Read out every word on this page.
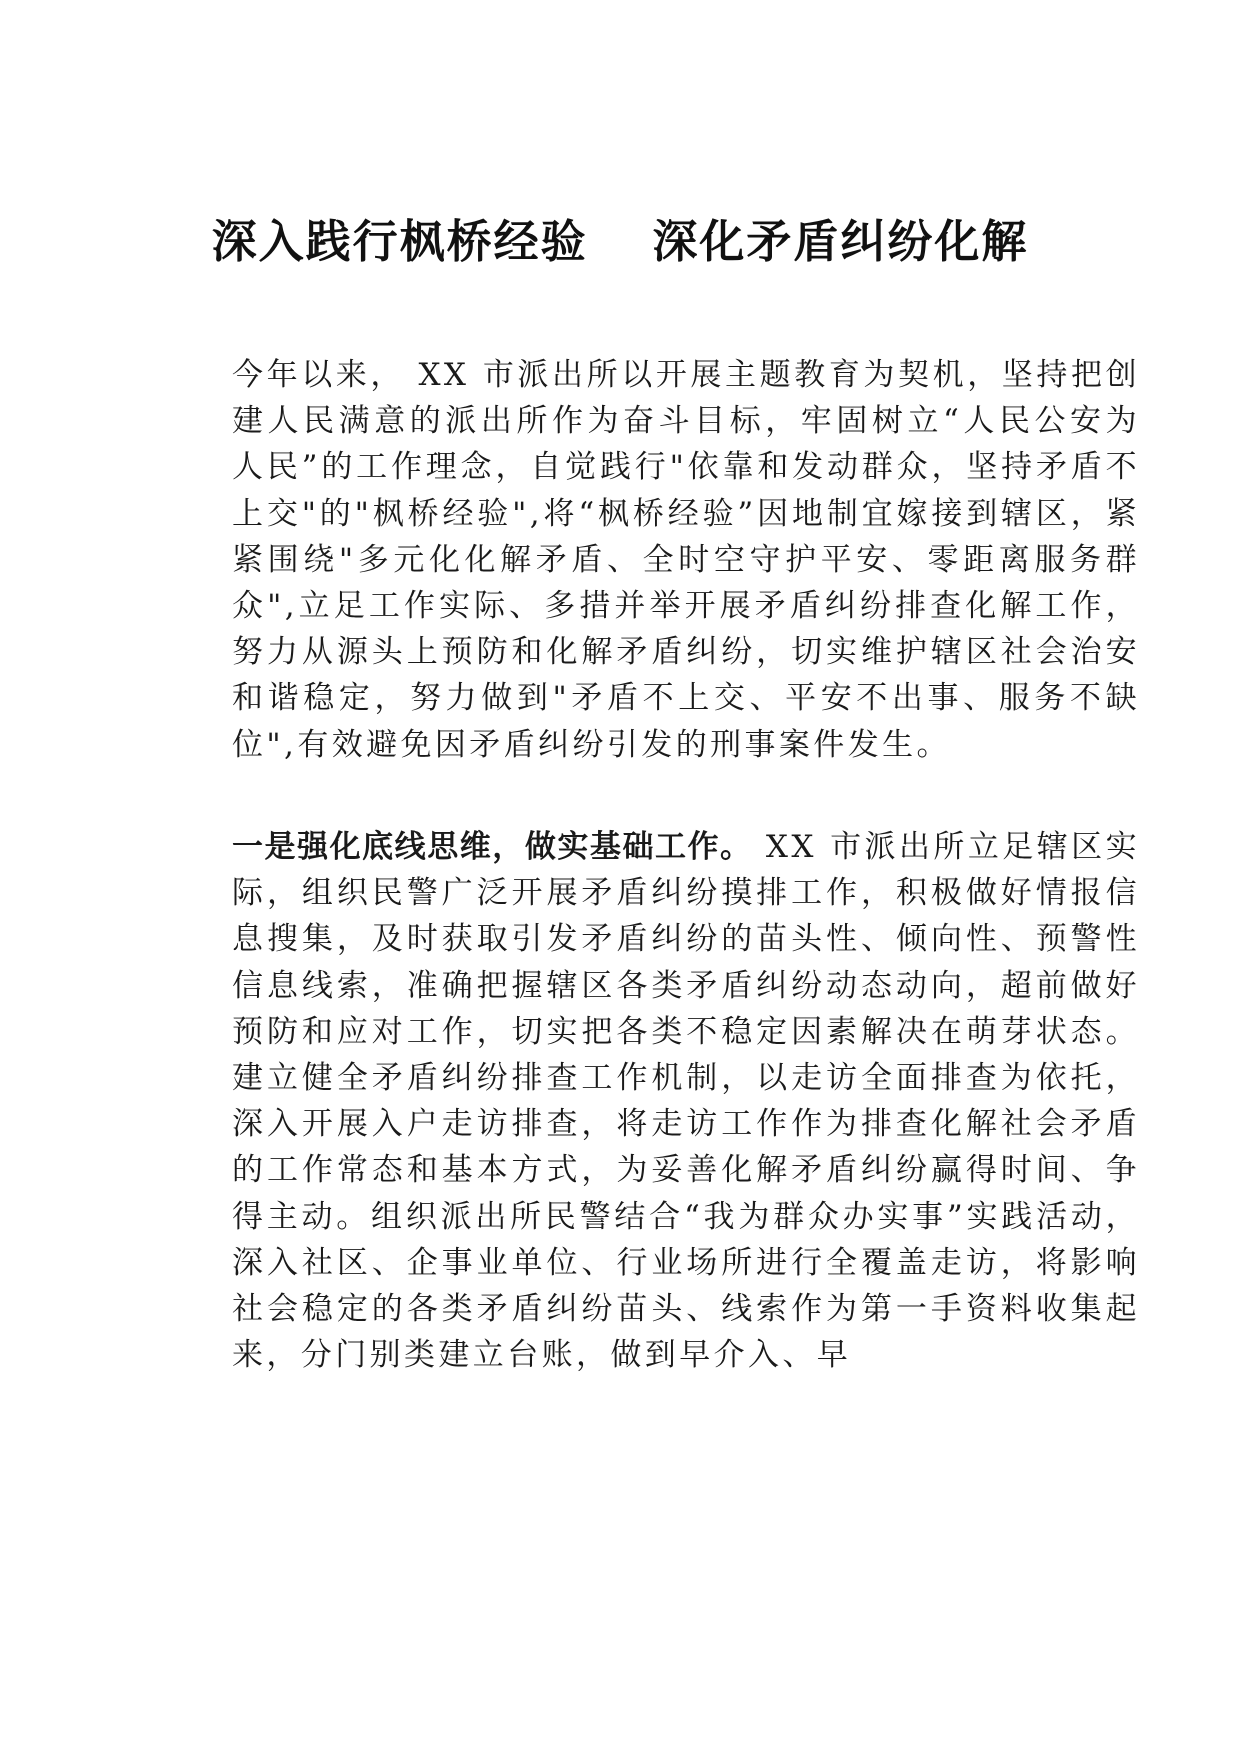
深入践行枫桥经验　 深化矛盾纠纷化解
今年以来， XX 市派出所以开展主题教育为契机，坚持把创建人民满意的派出所作为奋斗目标，牢固树立“人民公安为人民”的工作理念，自觉践行"依靠和发动群众，坚持矛盾不上交"的"枫桥经验",将“枫桥经验”因地制宜嫁接到辖区，紧紧围绕"多元化化解矛盾、全时空守护平安、零距离服务群众",立足工作实际、多措并举开展矛盾纠纷排查化解工作，努力从源头上预防和化解矛盾纠纷，切实维护辖区社会治安和谐稳定，努力做到"矛盾不上交、平安不出事、服务不缺位",有效避免因矛盾纠纷引发的刑事案件发生。
一是强化底线思维，做实基础工作。 XX 市派出所立足辖区实际，组织民警广泛开展矛盾纠纷摸排工作，积极做好情报信息搜集，及时获取引发矛盾纠纷的苗头性、倾向性、预警性信息线索，准确把握辖区各类矛盾纠纷动态动向，超前做好预防和应对工作，切实把各类不稳定因素解决在萌芽状态。建立健全矛盾纠纷排查工作机制，以走访全面排查为依托，深入开展入户走访排查，将走访工作作为排查化解社会矛盾的工作常态和基本方式，为妥善化解矛盾纠纷赢得时间、争得主动。组织派出所民警结合“我为群众办实事”实践活动，深入社区、企事业单位、行业场所进行全覆盖走访，将影响社会稳定的各类矛盾纠纷苗头、线索作为第一手资料收集起来，分门别类建立台账，做到早介入、早
